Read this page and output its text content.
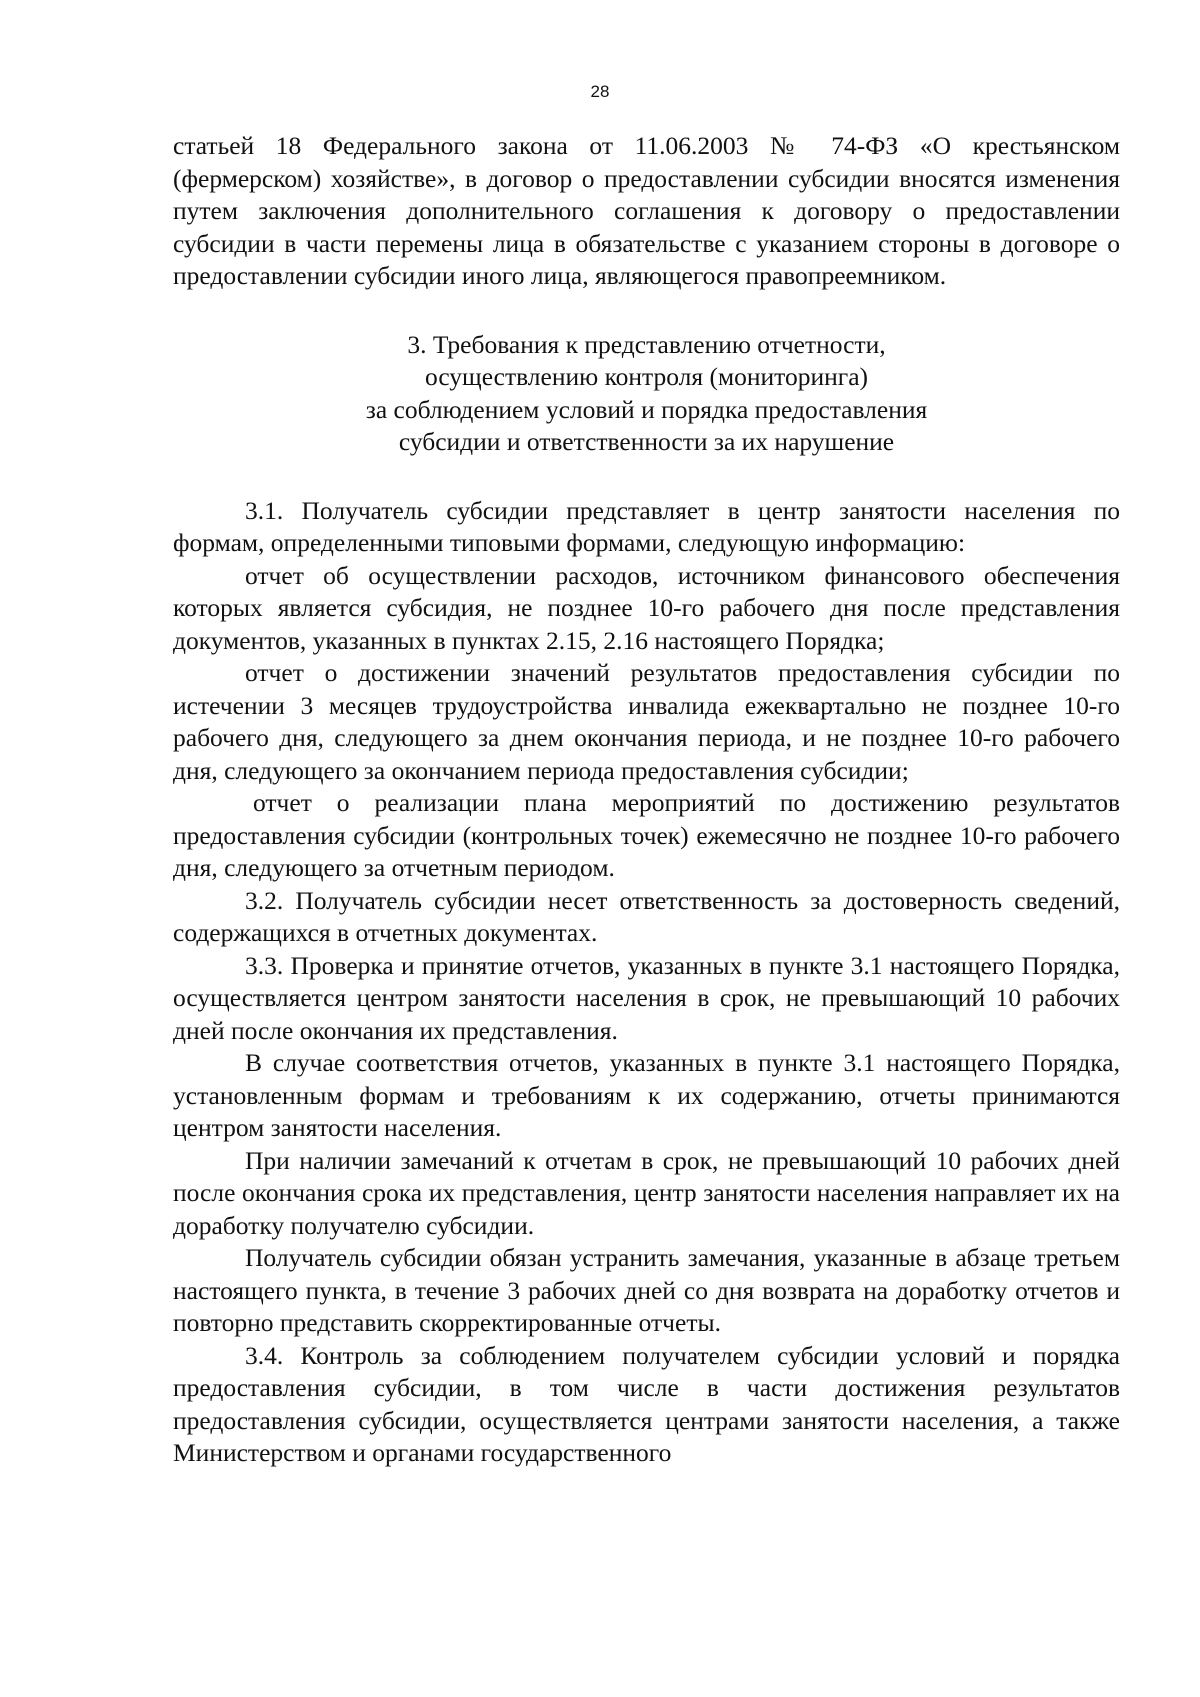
28

статьей 18 Федерального закона от 11.06.2003 № 74-ФЗ «О крестьянском (фермерском) хозяйстве», в договор о предоставлении субсидии вносятся изменения путем заключения дополнительного соглашения к договору о предоставлении субсидии в части перемены лица в обязательстве с указанием стороны в договоре о предоставлении субсидии иного лица, являющегося правопреемником.

3. Требования к представлению отчетности,
осуществлению контроля (мониторинга)
за соблюдением условий и порядка предоставления
субсидии и ответственности за их нарушение

3.1. Получатель субсидии представляет в центр занятости населения по формам, определенными типовыми формами, следующую информацию:

отчет об осуществлении расходов, источником финансового обеспечения которых является субсидия, не позднее 10-го рабочего дня после представления документов, указанных в пунктах 2.15, 2.16 настоящего Порядка;

отчет о достижении значений результатов предоставления субсидии по истечении 3 месяцев трудоустройства инвалида ежеквартально не позднее 10-го рабочего дня, следующего за днем окончания периода, и не позднее 10-го рабочего дня, следующего за окончанием периода предоставления субсидии;

отчет о реализации плана мероприятий по достижению результатов предоставления субсидии (контрольных точек) ежемесячно не позднее 10-го рабочего дня, следующего за отчетным периодом.

3.2. Получатель субсидии несет ответственность за достоверность сведений, содержащихся в отчетных документах.

3.3. Проверка и принятие отчетов, указанных в пункте 3.1 настоящего Порядка, осуществляется центром занятости населения в срок, не превышающий 10 рабочих дней после окончания их представления.

В случае соответствия отчетов, указанных в пункте 3.1 настоящего Порядка, установленным формам и требованиям к их содержанию, отчеты принимаются центром занятости населения.

При наличии замечаний к отчетам в срок, не превышающий 10 рабочих дней после окончания срока их представления, центр занятости населения направляет их на доработку получателю субсидии.

Получатель субсидии обязан устранить замечания, указанные в абзаце третьем настоящего пункта, в течение 3 рабочих дней со дня возврата на доработку отчетов и повторно представить скорректированные отчеты.

3.4. Контроль за соблюдением получателем субсидии условий и порядка предоставления субсидии, в том числе в части достижения результатов предоставления субсидии, осуществляется центрами занятости населения, а также Министерством и органами государственного
